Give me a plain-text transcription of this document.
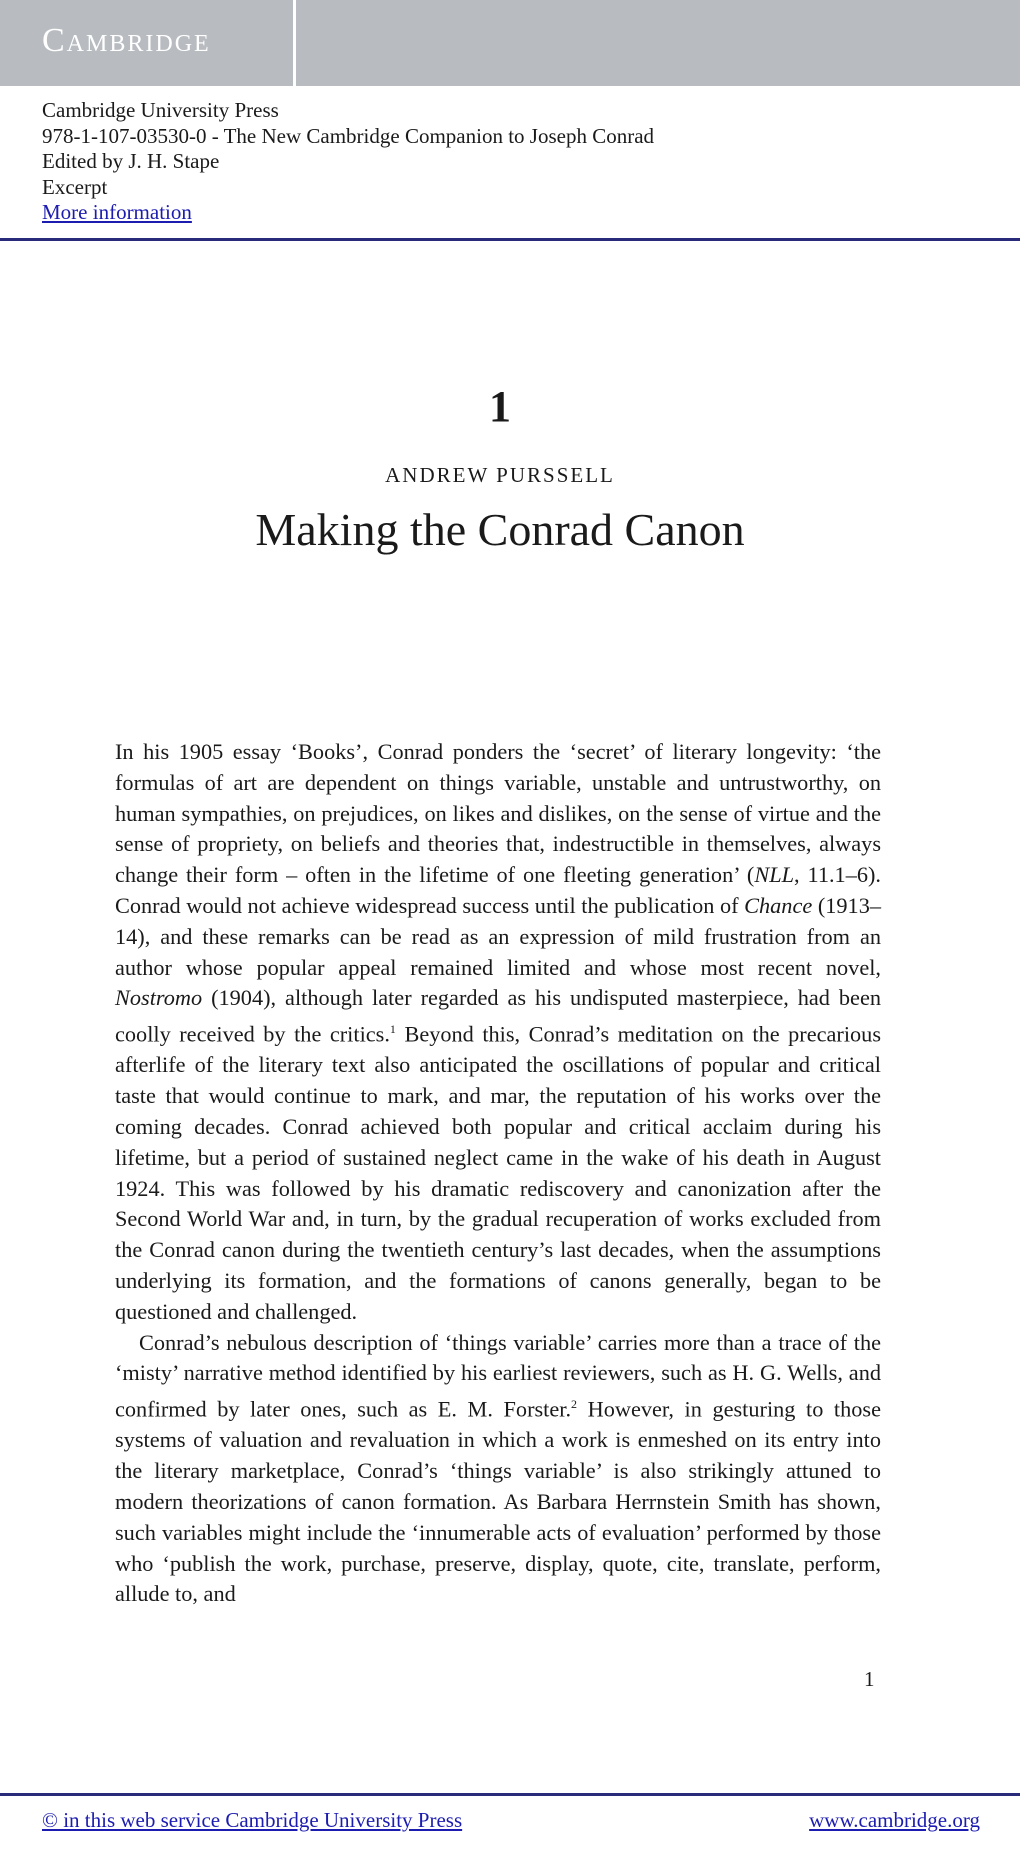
Cambridge
Cambridge University Press
978-1-107-03530-0 - The New Cambridge Companion to Joseph Conrad
Edited by J. H. Stape
Excerpt
More information
1
ANDREW PURSSELL
Making the Conrad Canon

In his 1905 essay ‘Books’, Conrad ponders the ‘secret’ of literary longevity: ‘the formulas of art are dependent on things variable, unstable and untrustworthy, on human sympathies, on prejudices, on likes and dislikes, on the sense of virtue and the sense of propriety, on beliefs and theories that, indestructible in themselves, always change their form – often in the lifetime of one fleeting generation’ (NLL, 11.1–6). Conrad would not achieve widespread success until the publication of Chance (1913–14), and these remarks can be read as an expression of mild frustration from an author whose popular appeal remained limited and whose most recent novel, Nostromo (1904), although later regarded as his undisputed masterpiece, had been coolly received by the critics.$^1$ Beyond this, Conrad’s meditation on the precarious afterlife of the literary text also anticipated the oscillations of popular and critical taste that would continue to mark, and mar, the reputation of his works over the coming decades. Conrad achieved both popular and critical acclaim during his lifetime, but a period of sustained neglect came in the wake of his death in August 1924. This was followed by his dramatic rediscovery and canonization after the Second World War and, in turn, by the gradual recuperation of works excluded from the Conrad canon during the twentieth century’s last decades, when the assumptions underlying its formation, and the formations of canons generally, began to be questioned and challenged.

Conrad’s nebulous description of ‘things variable’ carries more than a trace of the ‘misty’ narrative method identified by his earliest reviewers, such as H. G. Wells, and confirmed by later ones, such as E. M. Forster.$^2$ However, in gesturing to those systems of valuation and revaluation in which a work is enmeshed on its entry into the literary marketplace, Conrad’s ‘things variable’ is also strikingly attuned to modern theorizations of canon formation. As Barbara Herrnstein Smith has shown, such variables might include the ‘innumerable acts of evaluation’ performed by those who ‘publish the work, purchase, preserve, display, quote, cite, translate, perform, allude to, and

1
© in this web service Cambridge University Press	www.cambridge.org
